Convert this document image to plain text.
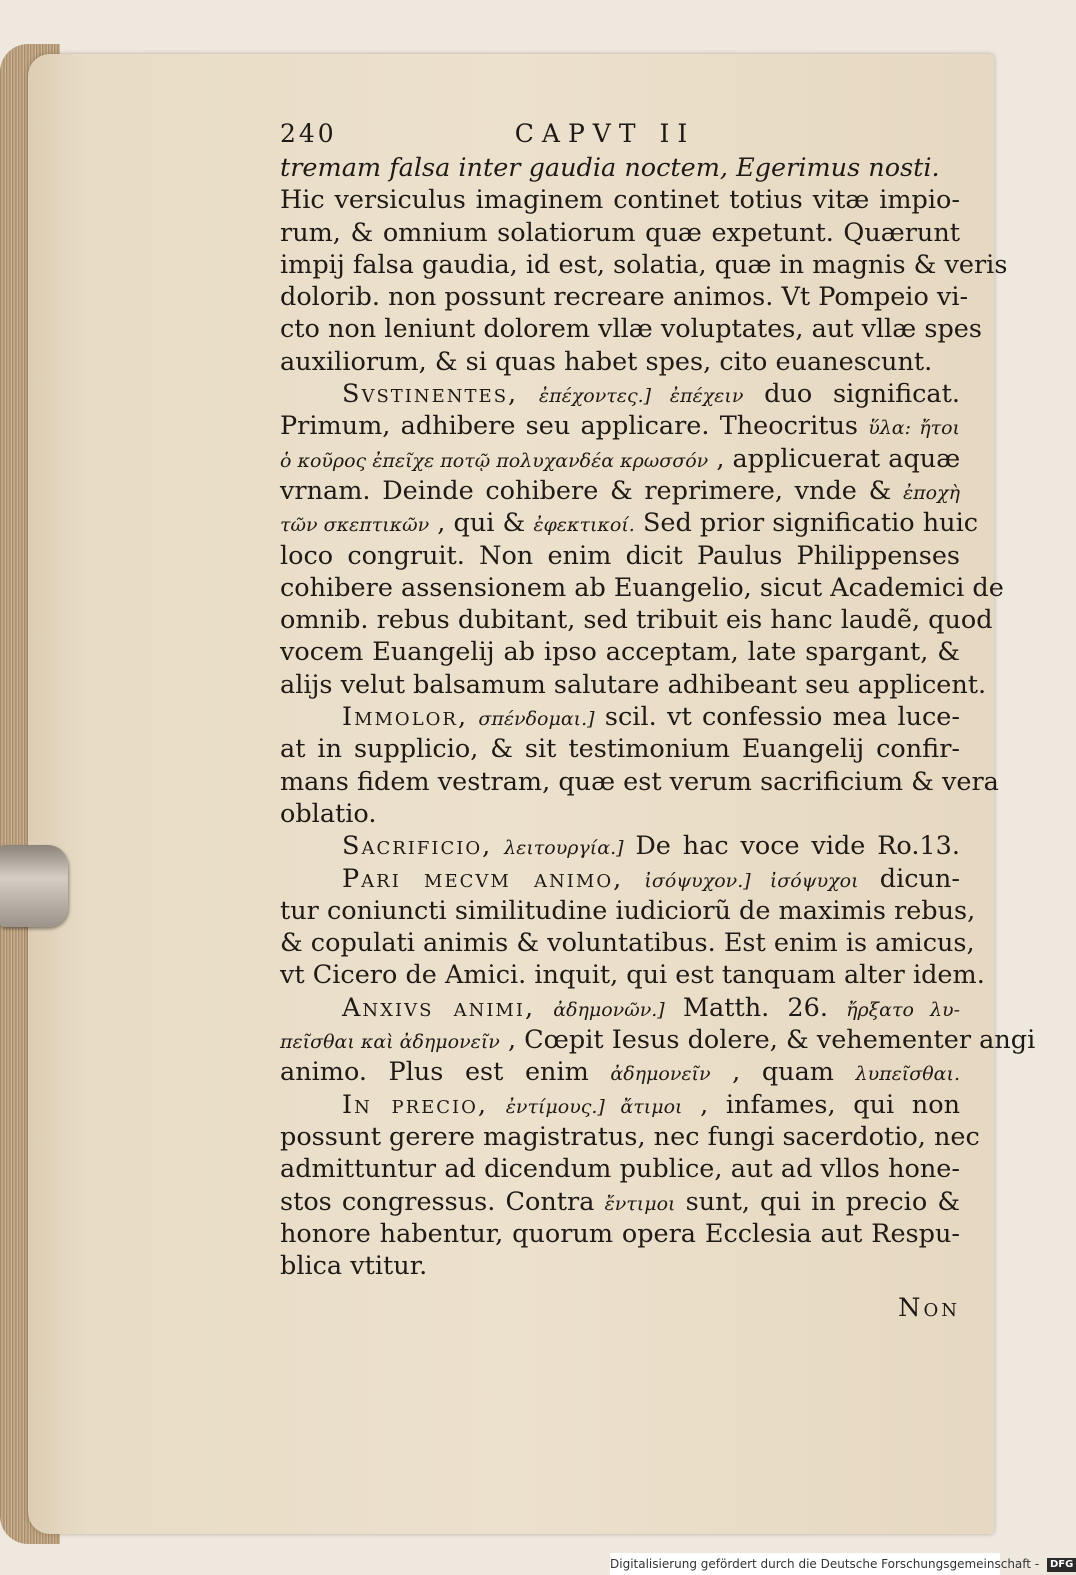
240	CAPVT II
tremam falsa inter gaudia noctem, Egerimus nosti.
Hic versiculus imaginem continet totius vitæ impio-
rum, & omnium solatiorum quæ expetunt. Quærunt
impij falsa gaudia, id est, solatia, quæ in magnis & veris
dolorib. non possunt recreare animos. Vt Pompeio vi-
cto non leniunt dolorem vllæ voluptates, aut vllæ spes
auxiliorum, & si quas habet spes, cito euanescunt.
Svstinentes, ἐπέχοντες.] ἐπέχειν duo significat.
Primum, adhibere seu applicare. Theocritus ὕλα: ἤτοι
ὁ κοῦρος ἐπεῖχε ποτῷ πολυχανδέα κρωσσόν , applicuerat aquæ
vrnam. Deinde cohibere & reprimere, vnde & ἐποχὴ
τῶν σκεπτικῶν , qui & ἐφεκτικοί. Sed prior significatio huic
loco congruit. Non enim dicit Paulus Philippenses
cohibere assensionem ab Euangelio, sicut Academici de
omnib. rebus dubitant, sed tribuit eis hanc laudẽ, quod
vocem Euangelij ab ipso acceptam, late spargant, &
alijs velut balsamum salutare adhibeant seu applicent.
Immolor, σπένδομαι.] scil. vt confessio mea luce-
at in supplicio, & sit testimonium Euangelij confir-
mans fidem vestram, quæ est verum sacrificium & vera
oblatio.
Sacrificio, λειτουργία.] De hac voce vide Ro.13.
Pari mecvm animo, ἰσόψυχον.] ἰσόψυχοι dicun-
tur coniuncti similitudine iudiciorũ de maximis rebus,
& copulati animis & voluntatibus. Est enim is amicus,
vt Cicero de Amici. inquit, qui est tanquam alter idem.
Anxivs animi, ἀδημονῶν.] Matth. 26. ἤρξατο λυ-
πεῖσθαι καὶ ἀδημονεῖν , Cœpit Iesus dolere, & vehementer angi
animo. Plus est enim ἀδημονεῖν , quam λυπεῖσθαι.
In precio, ἐντίμους.] ἄτιμοι , infames, qui non
possunt gerere magistratus, nec fungi sacerdotio, nec
admittuntur ad dicendum publice, aut ad vllos hone-
stos congressus. Contra ἔντιμοι sunt, qui in precio &
honore habentur, quorum opera Ecclesia aut Respu-
blica vtitur.
Non
Digitalisierung gefördert durch die Deutsche Forschungsgemeinschaft - DFG
